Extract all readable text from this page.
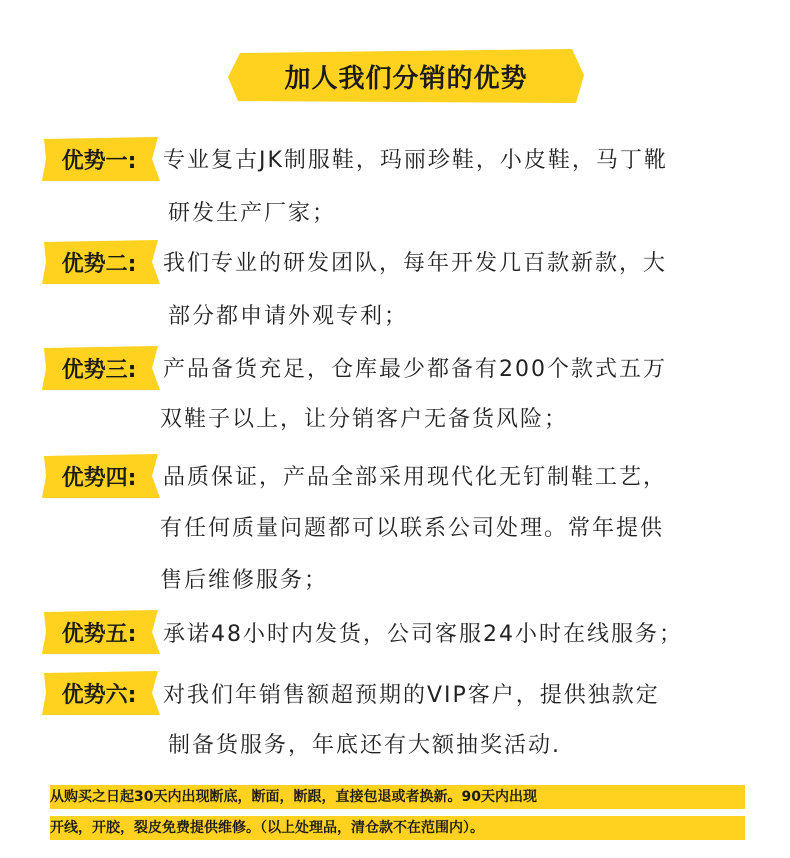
加人我们分销的优势
优势一:	专业复古JK制服鞋，玛丽珍鞋，小皮鞋，马丁靴
研发生产厂家；
优势二:	我们专业的研发团队，每年开发几百款新款，大
部分都申请外观专利；
优势三:	产品备货充足，仓库最少都备有200个款式五万
双鞋子以上，让分销客户无备货风险；
优势四:	品质保证，产品全部采用现代化无钉制鞋工艺，
有任何质量问题都可以联系公司处理。常年提供
售后维修服务；
优势五:	承诺48小时内发货，公司客服24小时在线服务；
优势六:	对我们年销售额超预期的VIP客户，提供独款定
制备货服务，年底还有大额抽奖活动.
从购买之日起30天内出现断底，断面，断跟，直接包退或者换新。90天内出现
开线，开胶，裂皮免费提供维修。（以上处理品，清仓款不在范围内）。
